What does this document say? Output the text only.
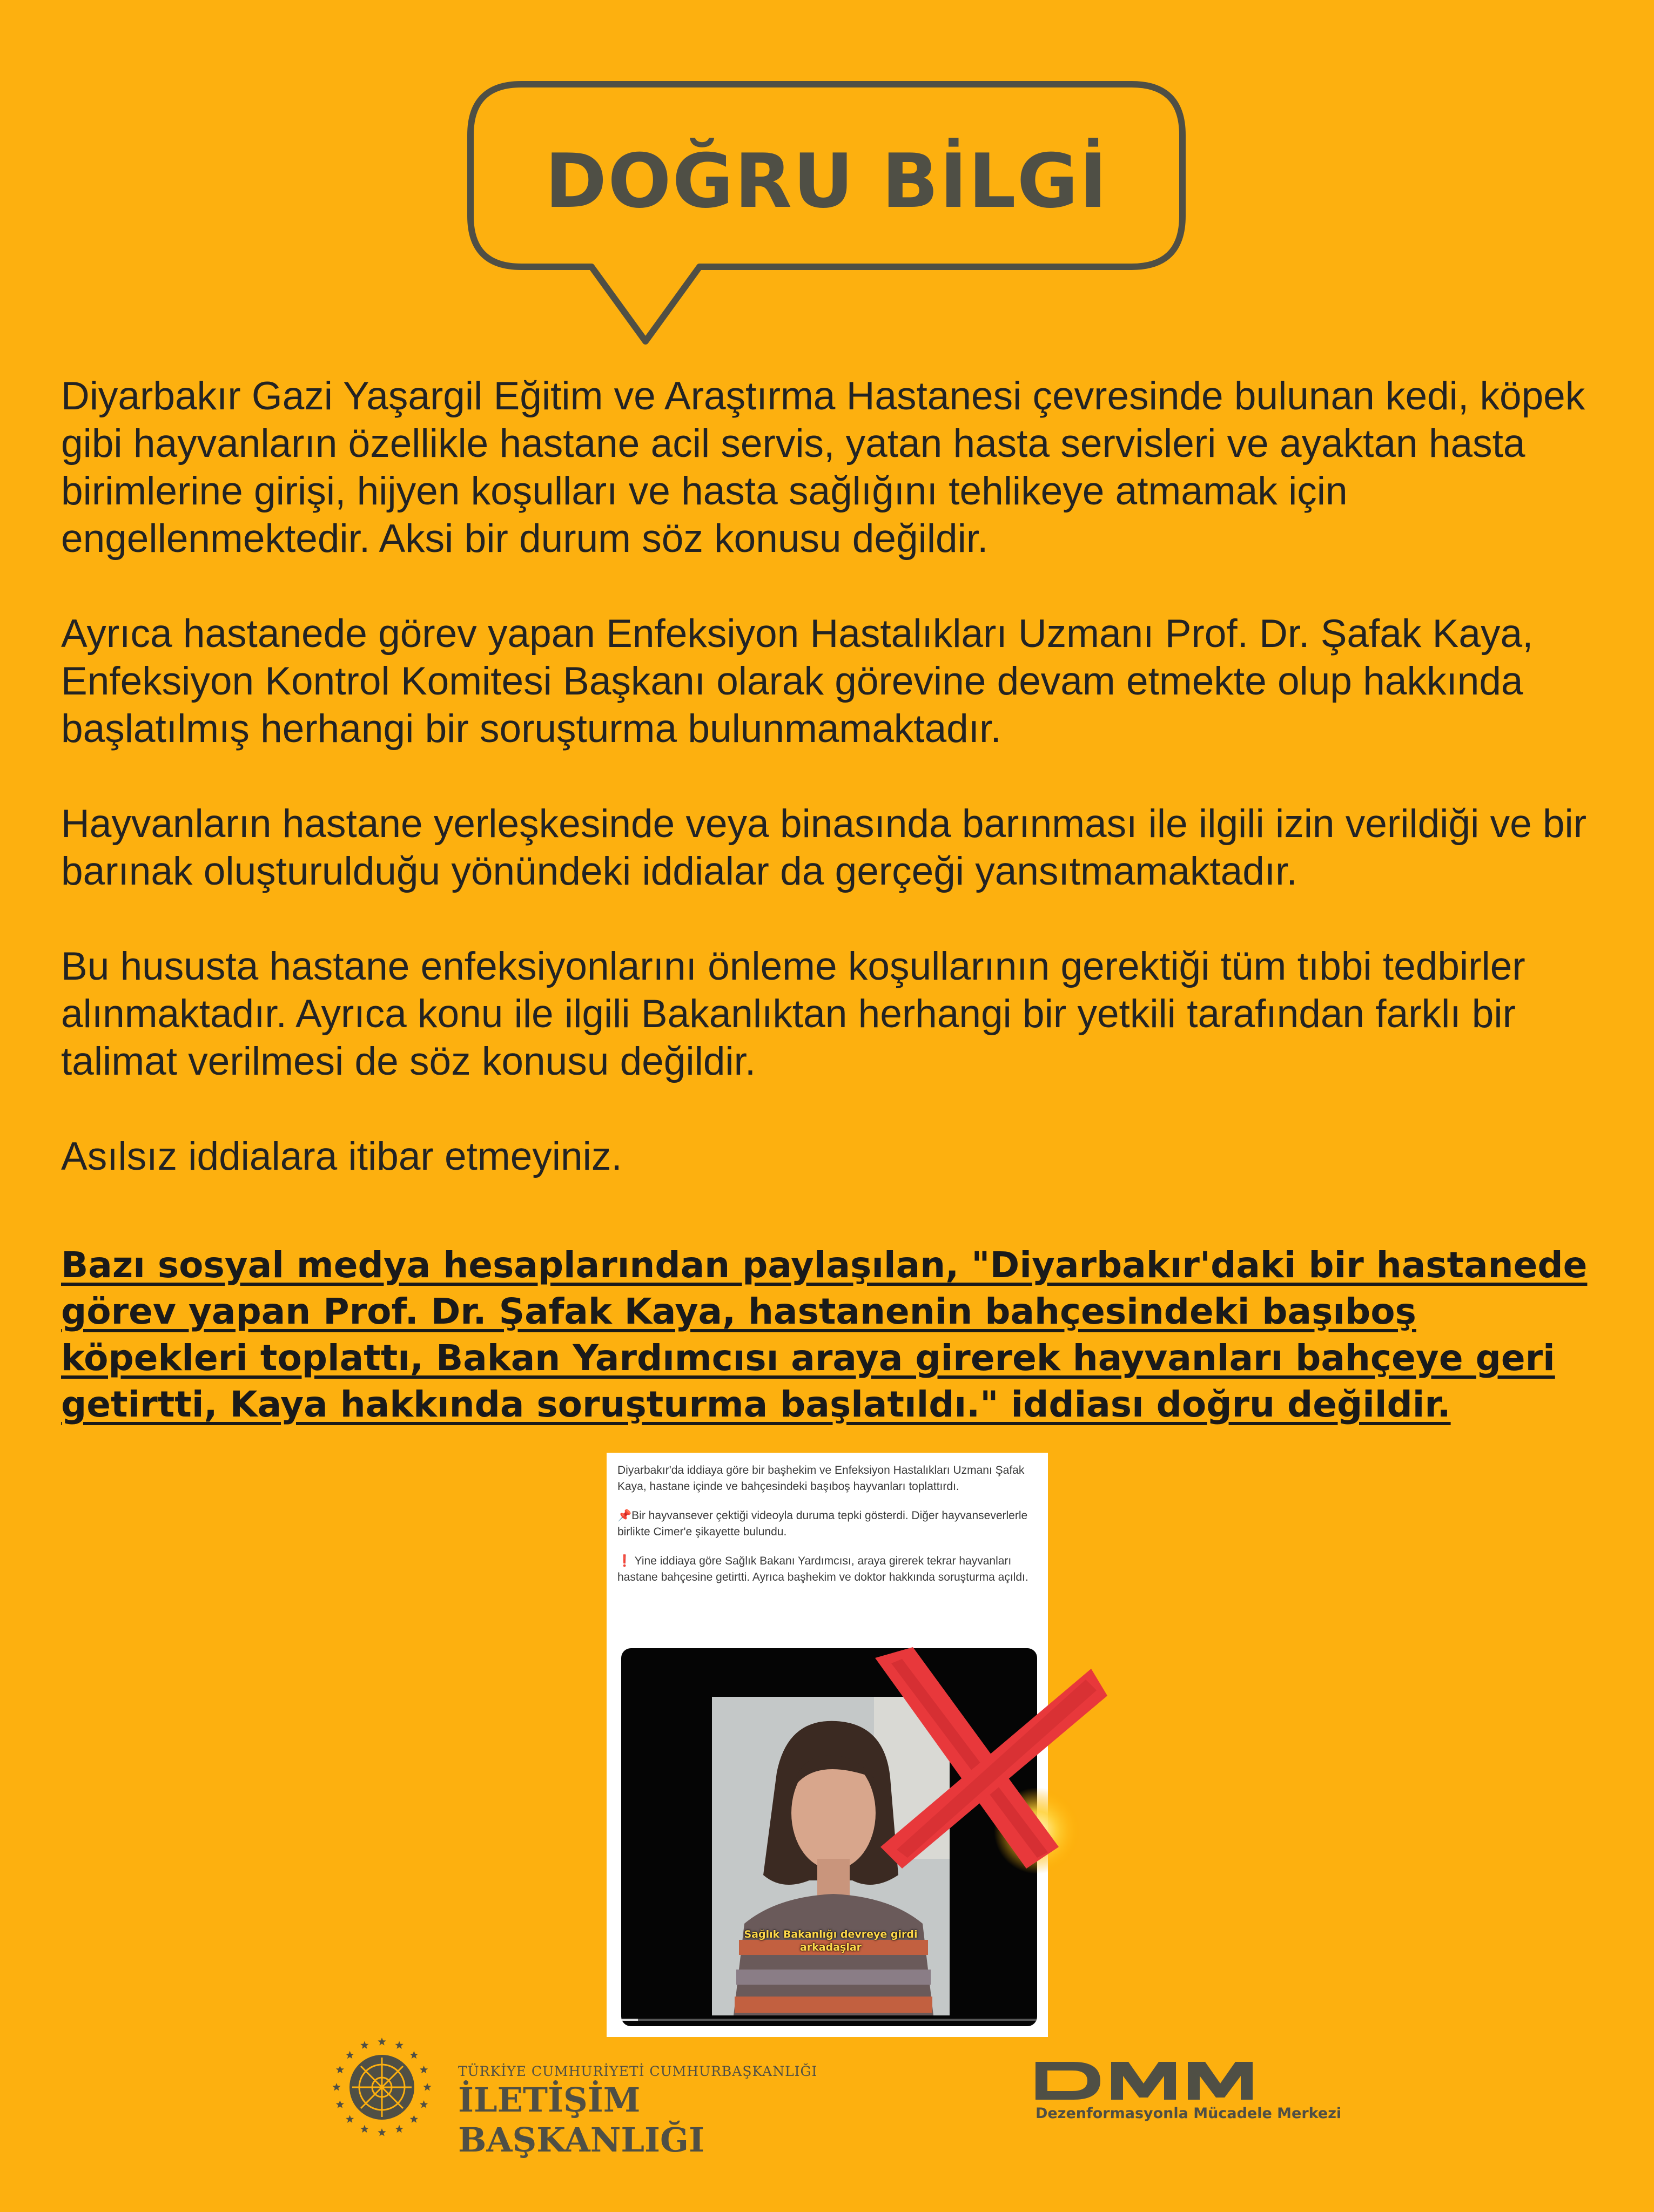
DOĞRU BİLGİ

Diyarbakır Gazi Yaşargil Eğitim ve Araştırma Hastanesi çevresinde bulunan kedi, köpek gibi hayvanların özellikle hastane acil servis, yatan hasta servisleri ve ayaktan hasta birimlerine girişi, hijyen koşulları ve hasta sağlığını tehlikeye atmamak için engellenmektedir. Aksi bir durum söz konusu değildir.

Ayrıca hastanede görev yapan Enfeksiyon Hastalıkları Uzmanı Prof. Dr. Şafak Kaya, Enfeksiyon Kontrol Komitesi Başkanı olarak görevine devam etmekte olup hakkında başlatılmış herhangi bir soruşturma bulunmamaktadır.

Hayvanların hastane yerleşkesinde veya binasında barınması ile ilgili izin verildiği ve bir barınak oluşturulduğu yönündeki iddialar da gerçeği yansıtmamaktadır.

Bu hususta hastane enfeksiyonlarını önleme koşullarının gerektiği tüm tıbbi tedbirler alınmaktadır. Ayrıca konu ile ilgili Bakanlıktan herhangi bir yetkili tarafından farklı bir talimat verilmesi de söz konusu değildir.

Asılsız iddialara itibar etmeyiniz.

Bazı sosyal medya hesaplarından paylaşılan, "Diyarbakır'daki bir hastanede görev yapan Prof. Dr. Şafak Kaya, hastanenin bahçesindeki başıboş köpekleri toplattı, Bakan Yardımcısı araya girerek hayvanları bahçeye geri getirtti, Kaya hakkında soruşturma başlatıldı." iddiası doğru değildir.

Diyarbakır'da iddiaya göre bir başhekim ve Enfeksiyon Hastalıkları Uzmanı Şafak Kaya, hastane içinde ve bahçesindeki başıboş hayvanları toplattırdı.

📌Bir hayvansever çektiği videoyla duruma tepki gösterdi. Diğer hayvanseverlerle birlikte Cimer'e şikayette bulundu.

❗ Yine iddiaya göre Sağlık Bakanı Yardımcısı, araya girerek tekrar hayvanları hastane bahçesine getirtti. Ayrıca başhekim ve doktor hakkında soruşturma açıldı.

Sağlık Bakanlığı devreye girdi arkadaşlar
TÜRKİYE CUMHURİYETİ CUMHURBAŞKANLIĞI
İLETİŞİM BAŞKANLIĞI
Dezenformasyonla Mücadele Merkezi
